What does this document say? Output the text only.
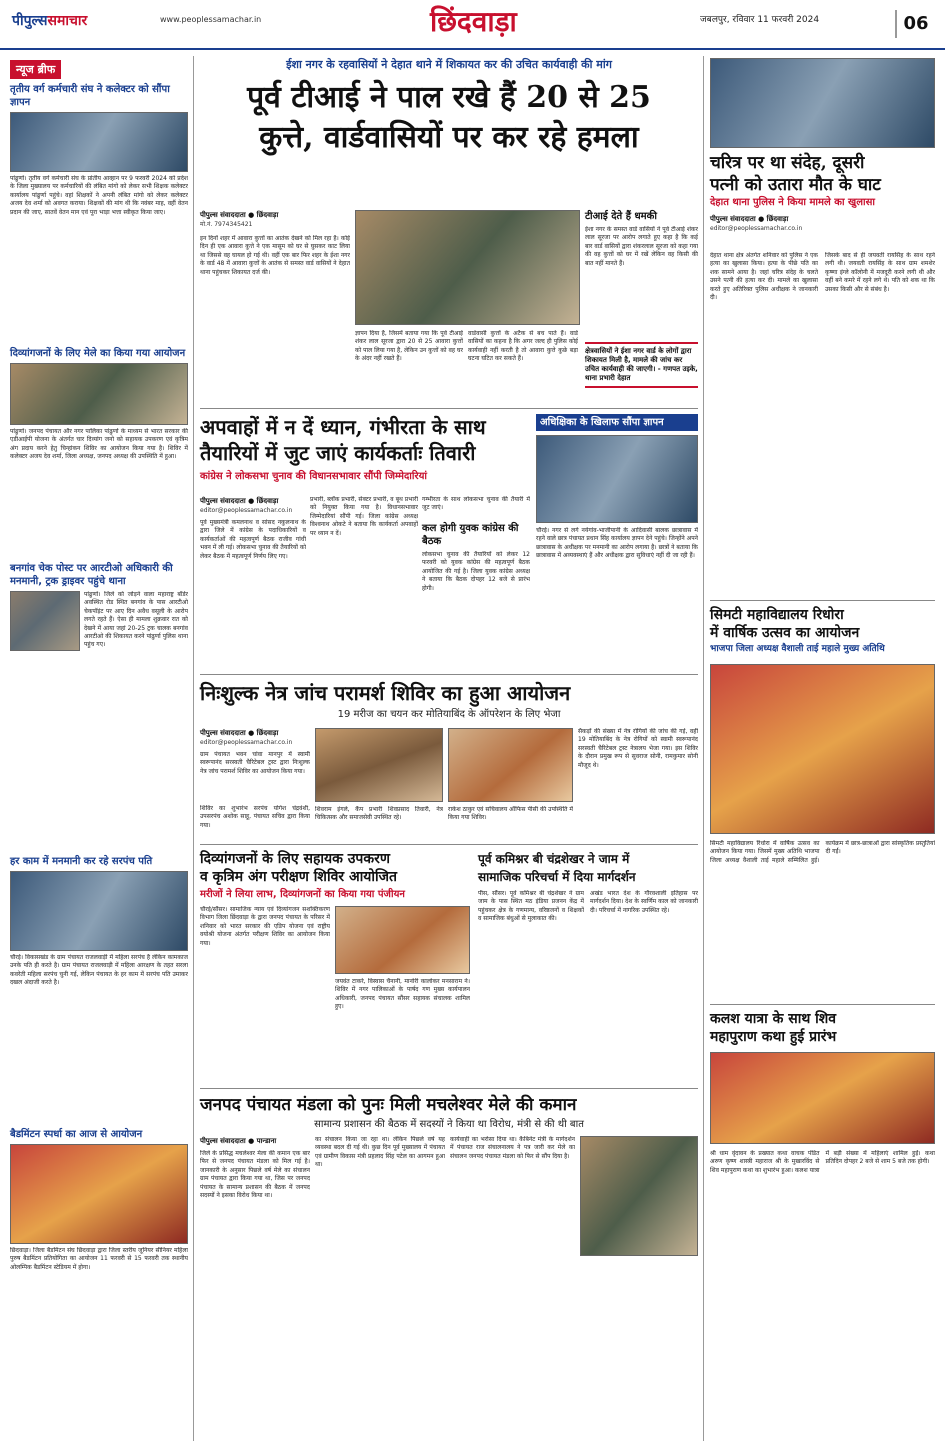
पीपुल्ससमाचार	www.peoplessamachar.in	छिंदवाड़ा	जबलपुर, रविवार 11 फरवरी 2024	06
न्यूज ब्रीफ
तृतीय वर्ग कर्मचारी संघ ने कलेक्टर को सौंपा ज्ञापन
पांढुर्णा। तृतीय वर्ग कर्मचारी संघ के प्रांतीय आव्हान पर 9 फरवरी 2024 को प्रदेश के जिला मुख्यालय पर कर्मचारियों की लंबित मांगो को लेकर सभी शिक्षक कलेक्टर कार्यालय पांढुर्णा पहुंचे। वहां शिक्षकों ने अपनी लंबित मांगो को लेकर कलेक्टर अजय देव शर्मा को अवगत कराया। शिक्षकों की मांग थी कि नवंबर माह, वहीं वेतन प्रदान की जाए, सातवें वेतन मान एवं पूरा भाड़ा भत्ता स्वीकृत किया जाए।
दिव्यांगजनों के लिए मेले का किया गया आयोजन
पांढुर्णा। जनपद पंचायत और नगर पालिका पांढुर्णा के माध्यम से भारत सरकार की एडीआईपी योजना के अंतर्गत चार दिव्यांग जनो को सहायक उपकरण एवं कृत्रिम अंग प्रदाय करने हेतु चिन्हांकन शिविर का आयोजन किया गया है। शिविर में कलेक्टर अजय देव शर्मा, जिला अध्यक्ष, जनपद अध्यक्ष की उपस्थिति में हुआ।
बनगांव चेक पोस्ट पर आरटीओ अधिकारी की मनमानी, ट्रक ड्राइवर पहुंचे थाना
पांढुर्णा। जिले को जोड़ने वाला महाराष्ट्र बॉर्डर अवस्थित रोड स्थित बनगांव के पास आरटीओ चेकपॉइंट पर आए दिन अवैध वसूली के आरोप लगते रहते हैं। ऐसा ही मामला शुक्रवार रात को देखने में आया जहां 20-25 ट्रक चालक बनगांव आरटीओ की शिकायत करने पांढुर्णा पुलिस थाना पहुंच गए।
हर काम में मनमानी कर रहे सरपंच पति
चौरई। विकासखंड के ग्राम पंचायत राजलवाड़ी में महिला सरपंच है लेकिन कामकाज उनके पति ही करते है। ग्राम पंचायत राजलवाड़ी में महिला आरक्षण के तहत सरला कवरेती महिला सरपंच चुनी गई, लेकिन पंचायत के हर काम में सरपंच पति उमाकर दखल अंदाजी करते है।
बैडमिंटन स्पर्धा का आज से आयोजन
छिंदवाड़ा। जिला बैडमिंटन संघ छिंदवाड़ा द्वारा जिला स्तरीय जूनियर सीनियर महिला पुरुष बैडमिंटन प्रतियोगिता का आयोजन 11 फरवरी से 15 फरवरी तक स्थानीय ओलम्पिक बैडमिंटन स्टेडियम में होगा।
ईशा नगर के रहवासियों ने देहात थाने में शिकायत कर की उचित कार्यवाही की मांग
पूर्व टीआई ने पाल रखे हैं 20 से 25
कुत्ते, वार्डवासियों पर कर रहे हमला
पीपुल्स संवाददाता ● छिंदवाड़ा
मो.नं. 7974345421
इन दिनों शहर में आवारा कुत्तों का आतंक देखने को मिल रहा है। कोई दिन ही एक आवारा कुत्ते ने एक मासूम को घर से घुसकर काट लिया था जिससे वह घायल हो गई थी। वहीं एक बार फिर शहर के ईशा नगर के वार्ड 48 में आवारा कुत्तों के आतंक से समस्त वार्ड वासियों ने देहात थाना पहुंचकर शिकायत दर्ज की।
ज्ञापन दिया है, जिसमें बताया गया कि पूर्व टीआई शंकर लाल सूरजा द्वारा 20 से 25 आवारा कुत्तों को पाल लिया गया है, लेकिन उन कुत्तों को वह घर के अंदर नहीं रखते हैं।
वार्डवासी कुत्तों के अटैक से बच पाते हैं। वार्ड वासियों का कहना है कि अगर जल्द ही पुलिस कोई कार्यवाही नहीं करती है तो आवारा कुत्ते कुछे बड़ा घटना घटित कर सकते हैं।
टीआई देते हैं धमकी
ईशा नगर के समस्त वार्ड वासियों ने पूर्व टीआई शंकर लाल सूरजा पर आरोप लगाते हुए कहा है कि कई बार वार्ड वासियों द्वारा शंकरलाल सूरजा को कहा गया की वह कुत्तों को घर में रखें लेकिन वह किसी की बात नहीं मानते हैं।
क्षेत्रवासियों ने ईशा नगर वार्ड के लोगों द्वारा शिकायत मिली है, मामले की जांच कर उचित कार्यवाही की जाएगी। - गणपत उइके, थाना प्रभारी देहात
अपवाहों में न दें ध्यान, गंभीरता के साथ
तैयारियों में जुट जाएं कार्यकर्ताः तिवारी
कांग्रेस ने लोकसभा चुनाव की विधानसभावार सौंपी जिम्मेदारियां
पीपुल्स संवाददाता ● छिंदवाड़ा
editor@peoplessamachar.co.in
पूर्व मुख्यमंत्री कमलनाथ व सांसद नकुलनाथ के द्वारा जिले में कांग्रेस के पदाधिकारियों व कार्यकर्ताओं की महत्वपूर्ण बैठक राजीव गांधी भवन में ली गई। लोकसभा चुनाव की तैयारियों को लेकर बैठक में महत्वपूर्ण निर्णय लिए गए।
प्रभारी, ब्लॉक प्रभारी, सेक्टर प्रभारी, व बूथ प्रभारी को नियुक्त किया गया है। विधानसभावार जिम्मेदारियां सौंपी गई। जिला कांग्रेस अध्यक्ष विश्वनाथ ओकटे ने बताया कि कार्यकर्ता अपवाहों पर ध्यान न दें।
गम्भीरता के साथ लोकसभा चुनाव की तैयारी में जुट जाएं।
कल होगी युवक कांग्रेस की बैठक
लोकसभा चुनाव की तैयारियों को लेकर 12 फरवरी को युवक कांग्रेस की महत्वपूर्ण बैठक आयोजित की गई है। जिला युवक कांग्रेस अध्यक्ष ने बताया कि बैठक दोपहर 12 बजे से प्रारंभ होगी।
अधिक्षिका के खिलाफ सौंपा ज्ञापन
चौरई। नगर से लगे नयेगांव-भाजीपानी के आदिवासी बालक छात्रावास में रहने वाले छात्र पंचायत प्रधान सिंह कार्यालय ज्ञापन देने पहुंचे। जिन्होंने अपने छात्रावास के अधीक्षक पर मनमानी का आरोप लगाया है। छात्रों ने बताया कि छात्रावास में अव्यवस्थाएं हैं और अधीक्षक द्वारा सुविधाएं नहीं दी जा रही हैं।
निःशुल्क नेत्र जांच परामर्श शिविर का हुआ आयोजन
19 मरीज का चयन कर मोतियाबिंद के ऑपरेशन के लिए भेजा
पीपुल्स संवाददाता ● छिंदवाड़ा
editor@peoplessamachar.co.in
ग्राम पंचायत भवन चांवा मानपुर में स्वामी स्वरूपानंद सरस्वती चैरिटेबल ट्रस्ट द्वारा निःशुल्क नेत्र जांच परामर्श शिविर का आयोजन किया गया।
शिविर का शुभारंभ सरपंच योगेश चंद्रवंशी, उपसरपंच अशोक साहू, पंचायत सचिव द्वारा किया गया।
शिवराम इंगले, कैंप प्रभारी शिवप्रसाद तिवारी, नेत्र चिकित्सक और समाजसेवी उपस्थित रहे।
राकेश ठाकुर एवं सचिवालय ऑफिस पीसी की उपस्थिति में किया गया शिविर।
सैकड़ों की संख्या में नेत्र रोगियों की जांच की गई, वहीं 19 मोतियाबिंद के नेत्र रोगियों को स्वामी स्वरूपानंद सरस्वती चैरिटेबल ट्रस्ट नेत्रालय भेजा गया। इस शिविर के दौरान प्रमुख रूप से सुवराज सोनी, रामकुमार सोनी मौजूद थे।
दिव्यांगजनों के लिए सहायक उपकरण
व कृत्रिम अंग परीक्षण शिविर आयोजित
मरीजों ने लिया लाभ, दिव्यांगजनों का किया गया पंजीयन
चौरई/सौंसर। सामाजिक न्याय एवं दिव्यांगजन सशक्तिकरण विभाग जिला छिंदवाड़ा के द्वारा जनपद पंचायत के परिसर में शनिवार को भारत सरकार की एडिप योजना एवं राष्ट्रीय वयोश्री योजना अंतर्गत परीक्षण शिविर का आयोजन किया गया।
जयवंत टाकरे, विस्वास चैनानी, मानोरी कालोकर मनसाराम ने। शिविर में नगर पालिकाओं के पार्षद गण मुख्य कार्यपालन अधिकारी, जनपद पंचायत सौंसर सहायक संचालक शामिल हुए।
पूर्व कमिश्नर बी चंद्रशेखर ने जाम में
सामाजिक परिचर्चा में दिया मार्गदर्शन
पीस, सौंसर। पूर्व कमिश्नर बी चंद्रशेखर ने ग्राम जाम के पास स्थित मठ इंडिया प्रजनन केंद्र में पहुंचकर क्षेत्र के गणमान्य, वरिष्ठजनों व शिक्षकों व सामाजिक बंधुओं से मुलाकात की।
अखंड भारत देश के गौरवशाली इतिहास पर मार्गदर्शन दिया। देश के स्वर्णिम काल को जानकारी दी। परिचर्चा में नागरिक उपस्थित रहे।
जनपद पंचायत मंडला को पुनः मिली मचलेश्वर मेले की कमान
सामान्य प्रशासन की बैठक में सदस्यों ने किया था विरोध, मंत्री से की थी बात
पीपुल्स संवाददाता ● पान्डाना
जिले के प्रसिद्ध मचलेश्वर मेला की कमान एक बार फिर से जनपद पंचायत मंडला को मिल गई है। जानकारी के अनुसार पिछले वर्ष मेले का संचालन ग्राम पंचायत द्वारा किया गया था, जिस पर जनपद पंचायत के सामान्य प्रशासन की बैठक में जनपद सदस्यों ने इसका विरोध किया था।
का संचालन किया जा रहा था। लेकिन पिछले वर्ष यह व्यवस्था बदल दी गई थी। कुछ दिन पूर्व मुख्यालय में पंचायत एवं ग्रामीण विकास मंत्री प्रहलाद सिंह पटेल का आगमन हुआ था।
कार्यवाही का भरोसा दिया था। कैबिनेट मंत्री के मार्गदर्शन में पंचायत राज संचालनालय ने पत्र जारी कर मेले का संचालन जनपद पंचायत मंडला को फिर से सौंप दिया है।
चरित्र पर था संदेह, दूसरी
पत्नी को उतारा मौत के घाट
देहात थाना पुलिस ने किया मामले का खुलासा
पीपुल्स संवाददाता ● छिंदवाड़ा
editor@peoplessamachar.co.in
देहात थाना क्षेत्र अंतर्गत शनिवार को पुलिस ने एक हत्या का खुलासा किया। हत्या के पीछे पति का शक सामने आया है। जहां चरित्र संदेह के चलते उसने पत्नी की हत्या कर दी। मामले का खुलासा करते हुए अतिरिक्त पुलिस अधीक्षक ने जानकारी दी।
जिसके बाद से ही जयवती रायसिंह के साथ रहने लगी थी। जयवती रायसिंह के साथ ग्राम शमशेर कृष्णा इंग्ले कॉलोनी में मजदूरी करने लगी थी और वहीं बने कमरे में रहने लगे थे। पति को शक था कि उसका किसी और से संबंध है।
सिमटी महाविद्यालय रिधोरा
में वार्षिक उत्सव का आयोजन
भाजपा जिला अध्यक्ष वैशाली ताई महाले मुख्य अतिथि
सिमटी महाविद्यालय रिधोरा में वार्षिक उत्सव का आयोजन किया गया। जिसमें मुख्य अतिथि भाजपा जिला अध्यक्ष वैशाली ताई महाले सम्मिलित हुई। कार्यक्रम में छात्र-छात्राओं द्वारा सांस्कृतिक प्रस्तुतियां दी गईं।
कलश यात्रा के साथ शिव
महापुराण कथा हुई प्रारंभ
श्री धाम वृंदावन के प्रख्यात कथा वाचक पंडित अरुण कृष्ण शास्त्री महाराज श्री के मुखारविंद से शिव महापुराण कथा का शुभारंभ हुआ। कलश यात्रा में बड़ी संख्या में महिलाएं शामिल हुईं। कथा प्रतिदिन दोपहर 2 बजे से शाम 5 बजे तक होगी।
